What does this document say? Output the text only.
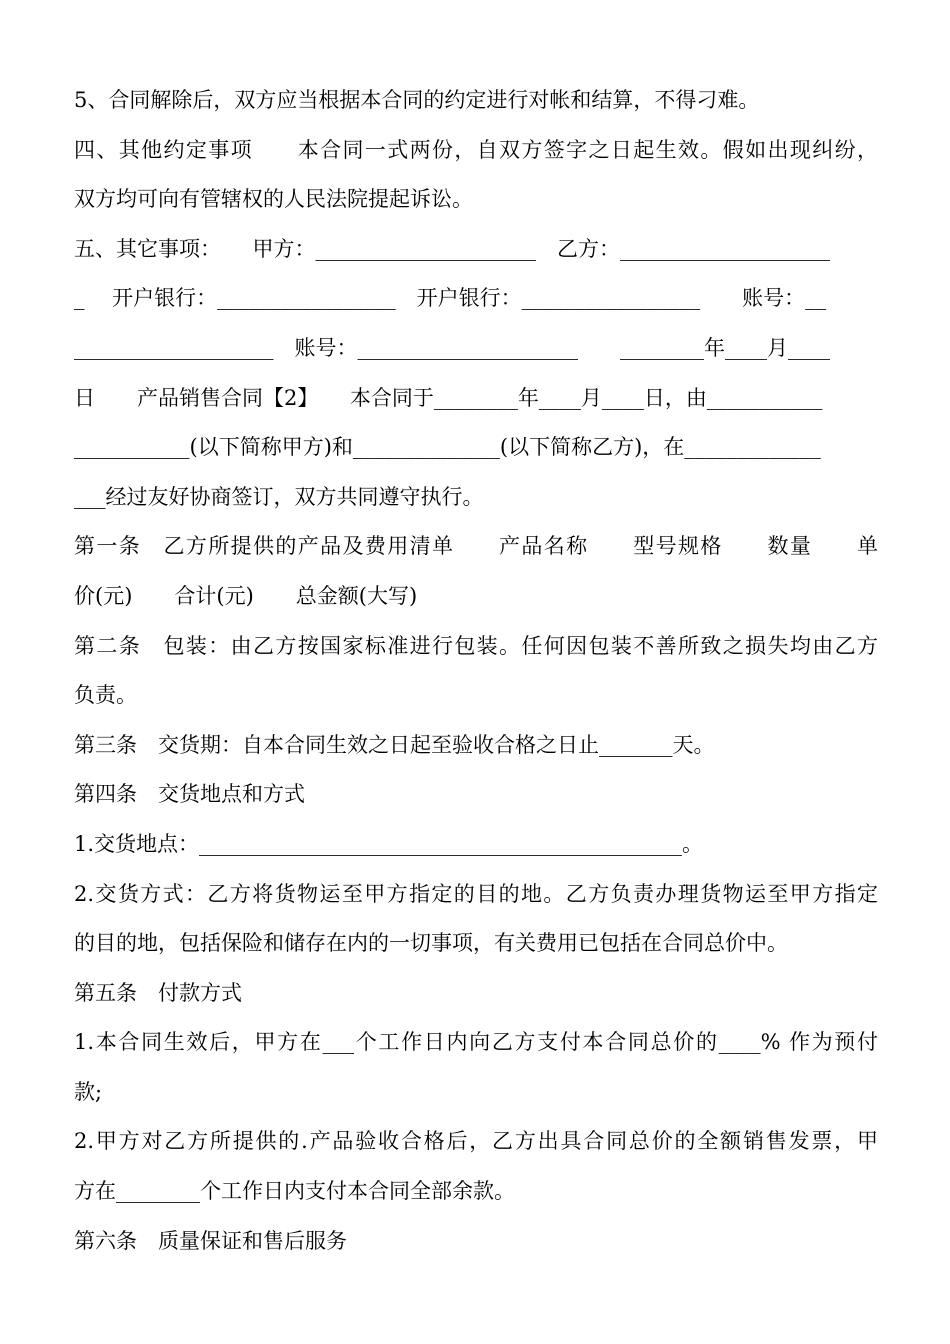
5、合同解除后，双方应当根据本合同的约定进行对帐和结算，不得刁难。
四、其他约定事项　　本合同一式两份，自双方签字之日起生效。假如出现纠纷，
双方均可向有管辖权的人民法院提起诉讼。
五、其它事项：　　甲方：_____________________　乙方：____________________
_　 开户银行：_________________　开户银行：_________________　　账号：__
___________________　账号：_____________________　　________年____月____
日　　产品销售合同【2】　　本合同于________年____月____日，由___________
___________(以下简称甲方)和______________(以下简称乙方)，在_____________
___经过友好协商签订，双方共同遵守执行。
第一条　乙方所提供的产品及费用清单　　产品名称　　型号规格　　数量　　单
价(元)　　合计(元)　　总金额(大写)
第二条　包装：由乙方按国家标准进行包装。任何因包装不善所致之损失均由乙方
负责。
第三条　交货期：自本合同生效之日起至验收合格之日止_______天。
第四条　交货地点和方式
1.交货地点：______________________________________________。
2.交货方式：乙方将货物运至甲方指定的目的地。乙方负责办理货物运至甲方指定
的目的地，包括保险和储存在内的一切事项，有关费用已包括在合同总价中。
第五条　付款方式
1.本合同生效后，甲方在___个工作日内向乙方支付本合同总价的____% 作为预付
款;
2.甲方对乙方所提供的.产品验收合格后，乙方出具合同总价的全额销售发票，甲
方在________个工作日内支付本合同全部余款。
第六条　质量保证和售后服务
